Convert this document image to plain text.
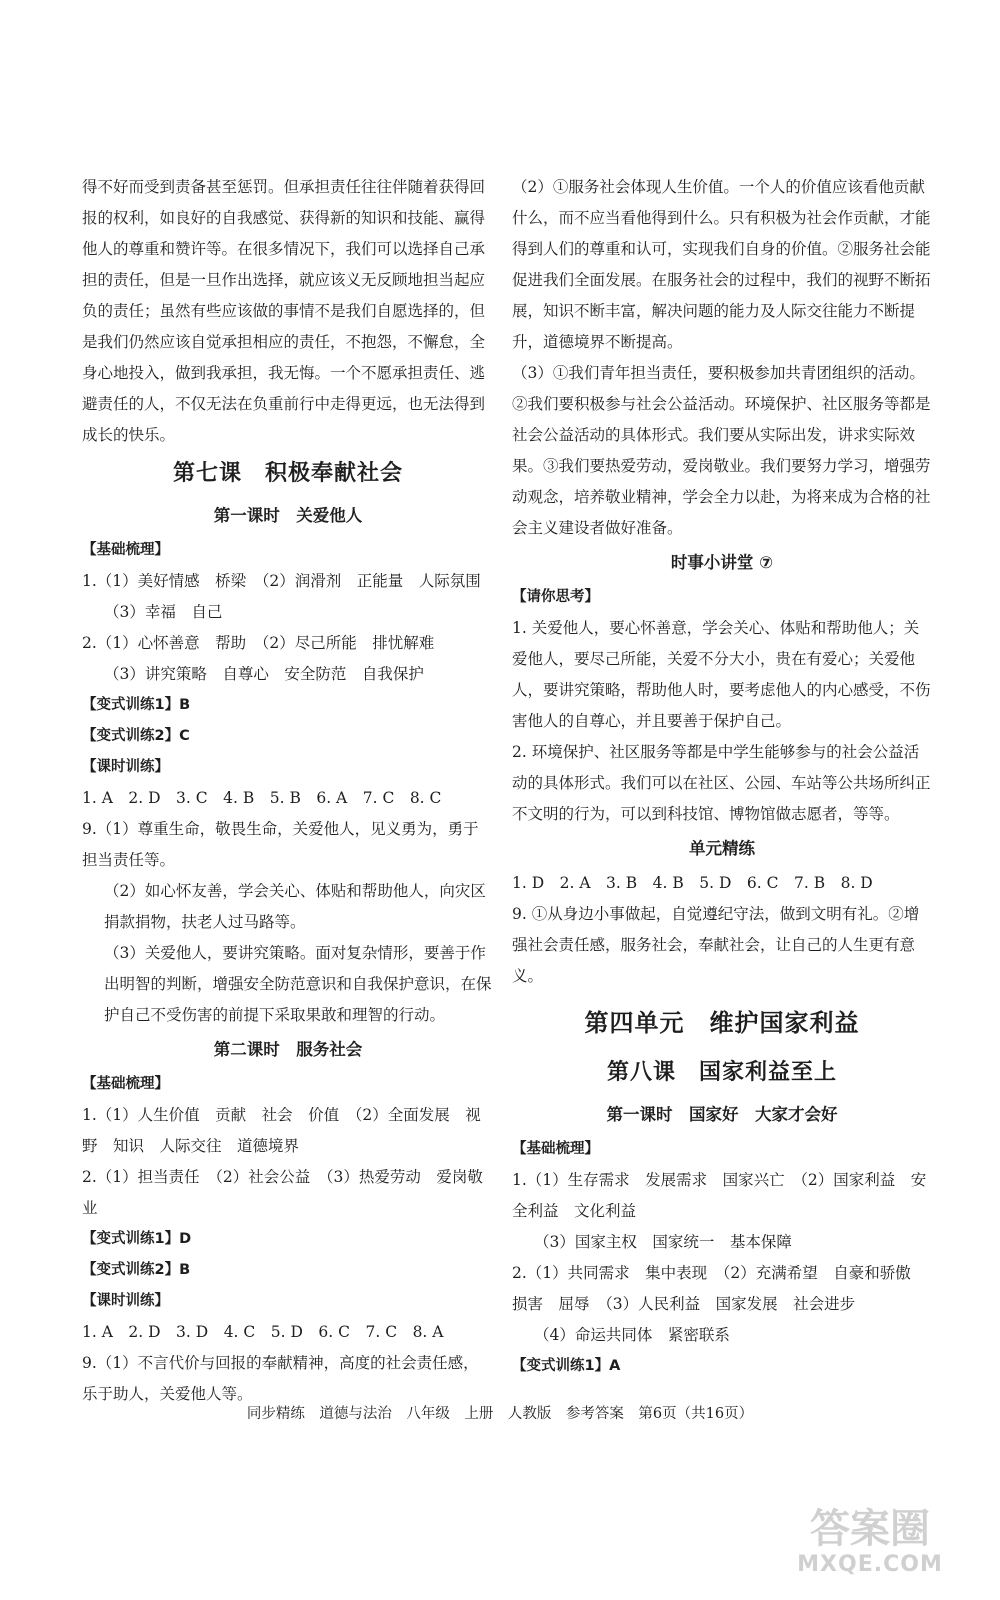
得不好而受到责备甚至惩罚。但承担责任往往伴随着获得回报的权利，如良好的自我感觉、获得新的知识和技能、赢得他人的尊重和赞许等。在很多情况下，我们可以选择自己承担的责任，但是一旦作出选择，就应该义无反顾地担当起应负的责任；虽然有些应该做的事情不是我们自愿选择的，但是我们仍然应该自觉承担相应的责任，不抱怨，不懈怠，全身心地投入，做到我承担，我无悔。一个不愿承担责任、逃避责任的人，不仅无法在负重前行中走得更远，也无法得到成长的快乐。

第七课　积极奉献社会

第一课时　关爱他人

【基础梳理】

1.（1）美好情感　桥梁　（2）润滑剂　正能量　人际氛围

（3）幸福　自己

2.（1）心怀善意　帮助　（2）尽己所能　排忧解难

（3）讲究策略　自尊心　安全防范　自我保护

【变式训练1】B

【变式训练2】C

【课时训练】

1. A　2. D　3. C　4. B　5. B　6. A　7. C　8. C

9.（1）尊重生命，敬畏生命，关爱他人，见义勇为，勇于担当责任等。

（2）如心怀友善，学会关心、体贴和帮助他人，向灾区捐款捐物，扶老人过马路等。

（3）关爱他人，要讲究策略。面对复杂情形，要善于作出明智的判断，增强安全防范意识和自我保护意识，在保护自己不受伤害的前提下采取果敢和理智的行动。

第二课时　服务社会

【基础梳理】

1.（1）人生价值　贡献　社会　价值　（2）全面发展　视野　知识　人际交往　道德境界

2.（1）担当责任　（2）社会公益　（3）热爱劳动　爱岗敬业

【变式训练1】D

【变式训练2】B

【课时训练】

1. A　2. D　3. D　4. C　5. D　6. C　7. C　8. A

9.（1）不言代价与回报的奉献精神，高度的社会责任感，乐于助人，关爱他人等。

（2）①服务社会体现人生价值。一个人的价值应该看他贡献什么，而不应当看他得到什么。只有积极为社会作贡献，才能得到人们的尊重和认可，实现我们自身的价值。②服务社会能促进我们全面发展。在服务社会的过程中，我们的视野不断拓展，知识不断丰富，解决问题的能力及人际交往能力不断提升，道德境界不断提高。

（3）①我们青年担当责任，要积极参加共青团组织的活动。②我们要积极参与社会公益活动。环境保护、社区服务等都是社会公益活动的具体形式。我们要从实际出发，讲求实际效果。③我们要热爱劳动，爱岗敬业。我们要努力学习，增强劳动观念，培养敬业精神，学会全力以赴，为将来成为合格的社会主义建设者做好准备。

时事小讲堂 ⑦

【请你思考】

1. 关爱他人，要心怀善意，学会关心、体贴和帮助他人；关爱他人，要尽己所能，关爱不分大小，贵在有爱心；关爱他人，要讲究策略，帮助他人时，要考虑他人的内心感受，不伤害他人的自尊心，并且要善于保护自己。

2. 环境保护、社区服务等都是中学生能够参与的社会公益活动的具体形式。我们可以在社区、公园、车站等公共场所纠正不文明的行为，可以到科技馆、博物馆做志愿者，等等。

单元精练

1. D　2. A　3. B　4. B　5. D　6. C　7. B　8. D

9. ①从身边小事做起，自觉遵纪守法，做到文明有礼。②增强社会责任感，服务社会，奉献社会，让自己的人生更有意义。

第四单元　维护国家利益

第八课　国家利益至上

第一课时　国家好　大家才会好

【基础梳理】

1.（1）生存需求　发展需求　国家兴亡　（2）国家利益　安全利益　文化利益

（3）国家主权　国家统一　基本保障

2.（1）共同需求　集中表现　（2）充满希望　自豪和骄傲　损害　屈辱　（3）人民利益　国家发展　社会进步

（4）命运共同体　紧密联系

【变式训练1】A

同步精练　道德与法治　八年级　上册　人教版　参考答案　第6页（共16页）
答案圈
MXQE.COM
